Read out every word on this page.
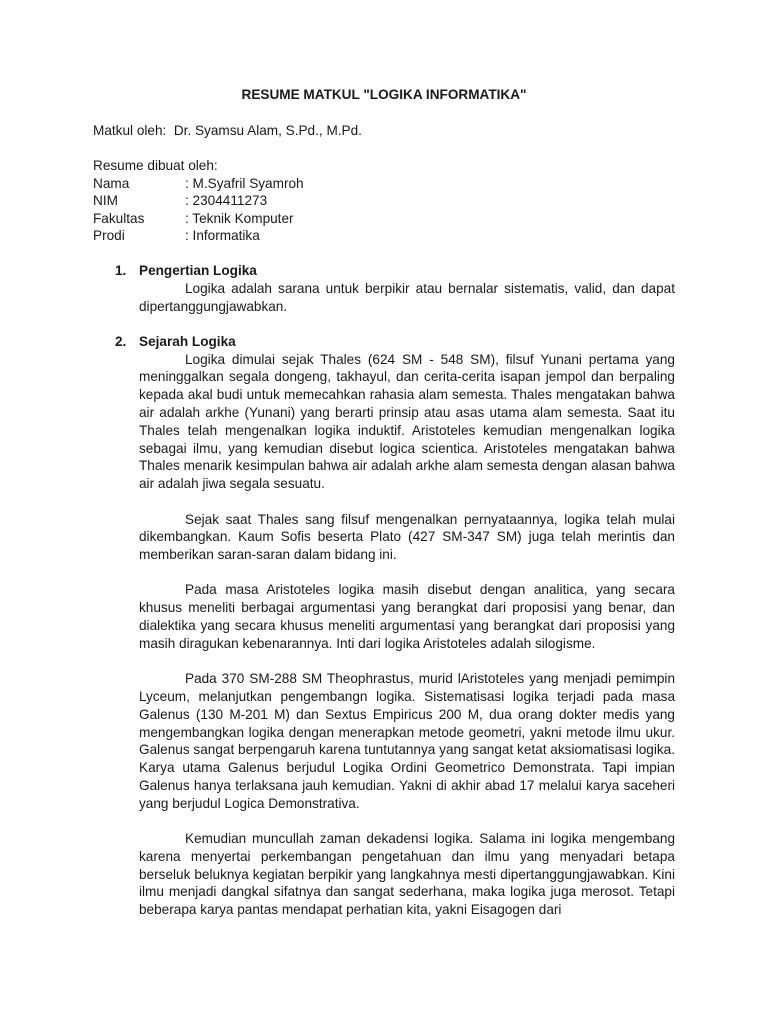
RESUME MATKUL "LOGIKA INFORMATIKA"
Matkul oleh:  Dr. Syamsu Alam, S.Pd., M.Pd.
Resume dibuat oleh:
Nama	: M.Syafril Syamroh
NIM	: 2304411273
Fakultas	: Teknik Komputer
Prodi	: Informatika
1. Pengertian Logika

Logika adalah sarana untuk berpikir atau bernalar sistematis, valid, dan dapat dipertanggungjawabkan.

2. Sejarah Logika

Logika dimulai sejak Thales (624 SM - 548 SM), filsuf Yunani pertama yang meninggalkan segala dongeng, takhayul, dan cerita-cerita isapan jempol dan berpaling kepada akal budi untuk memecahkan rahasia alam semesta. Thales mengatakan bahwa air adalah arkhe (Yunani) yang berarti prinsip atau asas utama alam semesta. Saat itu Thales telah mengenalkan logika induktif. Aristoteles kemudian mengenalkan logika sebagai ilmu, yang kemudian disebut logica scientica. Aristoteles mengatakan bahwa Thales menarik kesimpulan bahwa air adalah arkhe alam semesta dengan alasan bahwa air adalah jiwa segala sesuatu.

Sejak saat Thales sang filsuf mengenalkan pernyataannya, logika telah mulai dikembangkan. Kaum Sofis beserta Plato (427 SM-347 SM) juga telah merintis dan memberikan saran-saran dalam bidang ini.

Pada masa Aristoteles logika masih disebut dengan analitica, yang secara khusus meneliti berbagai argumentasi yang berangkat dari proposisi yang benar, dan dialektika yang secara khusus meneliti argumentasi yang berangkat dari proposisi yang masih diragukan kebenarannya. Inti dari logika Aristoteles adalah silogisme.

Pada 370 SM-288 SM Theophrastus, murid lAristoteles yang menjadi pemimpin Lyceum, melanjutkan pengembangn logika. Sistematisasi logika terjadi pada masa Galenus (130 M-201 M) dan Sextus Empiricus 200 M, dua orang dokter medis yang mengembangkan logika dengan menerapkan metode geometri, yakni metode ilmu ukur. Galenus sangat berpengaruh karena tuntutannya yang sangat ketat aksiomatisasi logika. Karya utama Galenus berjudul Logika Ordini Geometrico Demonstrata. Tapi impian Galenus hanya terlaksana jauh kemudian. Yakni di akhir abad 17 melalui karya saceheri yang berjudul Logica Demonstrativa.

Kemudian muncullah zaman dekadensi logika. Salama ini logika mengembang karena menyertai perkembangan pengetahuan dan ilmu yang menyadari betapa berseluk beluknya kegiatan berpikir yang langkahnya mesti dipertanggungjawabkan. Kini ilmu menjadi dangkal sifatnya dan sangat sederhana, maka logika juga merosot. Tetapi beberapa karya pantas mendapat perhatian kita, yakni Eisagogen dari
